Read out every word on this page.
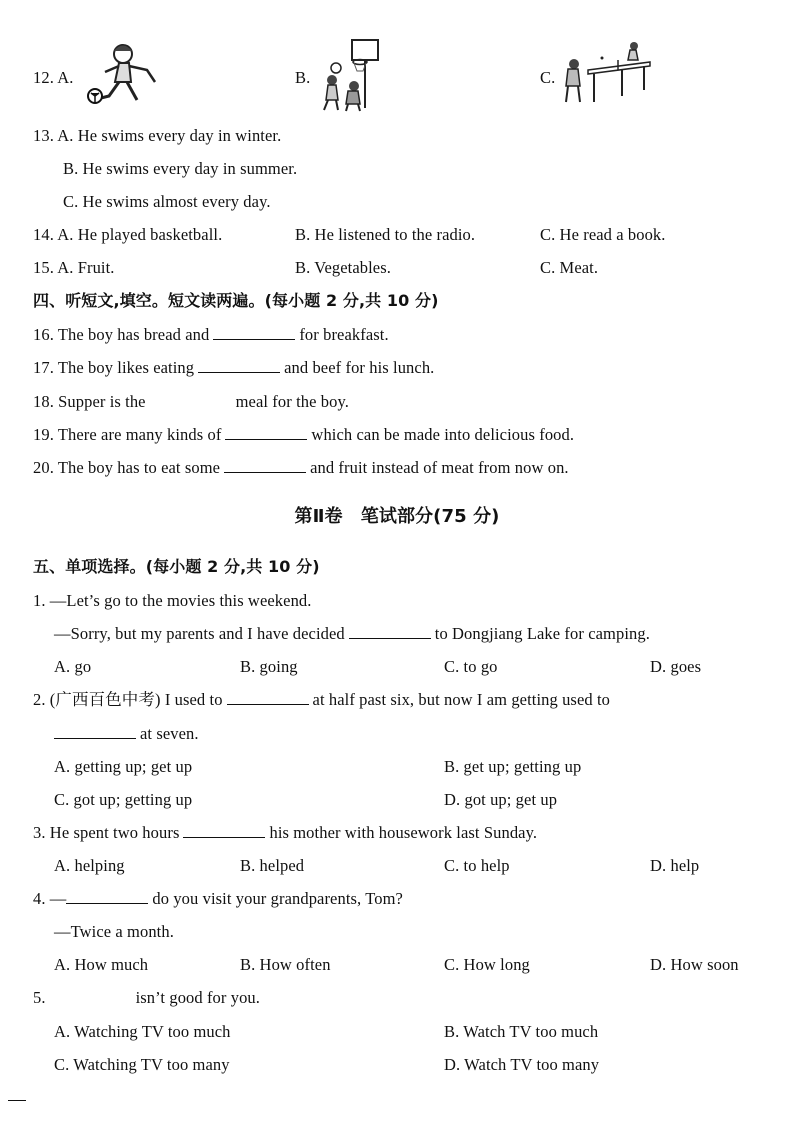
12. A.	B.	C.
13. A. He swims every day in winter.
B. He swims every day in summer.
C. He swims almost every day.
14. A. He played basketball.	B. He listened to the radio.	C. He read a book.
15. A. Fruit.	B. Vegetables.	C. Meat.
四、听短文,填空。短文读两遍。(每小题 2 分,共 10 分)
16. The boy has bread and	for breakfast.
17. The boy likes eating	and beef for his lunch.
18. Supper is the	meal for the boy.
19. There are many kinds of	which can be made into delicious food.
20. The boy has to eat some	and fruit instead of meat from now on.
第Ⅱ卷　笔试部分(75 分)
五、单项选择。(每小题 2 分,共 10 分)
1. —Let’s go to the movies this weekend.
—Sorry, but my parents and I have decided	to Dongjiang Lake for camping.
A. go	B. going	C. to go	D. goes
2. (广西百色中考) I used to	at half past six, but now I am getting used to
at seven.
A. getting up; get up	B. get up; getting up
C. got up; getting up	D. got up; get up
3. He spent two hours	his mother with housework last Sunday.
A. helping	B. helped	C. to help	D. help
4. —	do you visit your grandparents, Tom?
—Twice a month.
A. How much	B. How often	C. How long	D. How soon
5.	isn’t good for you.
A. Watching TV too much	B. Watch TV too much
C. Watching TV too many	D. Watch TV too many
